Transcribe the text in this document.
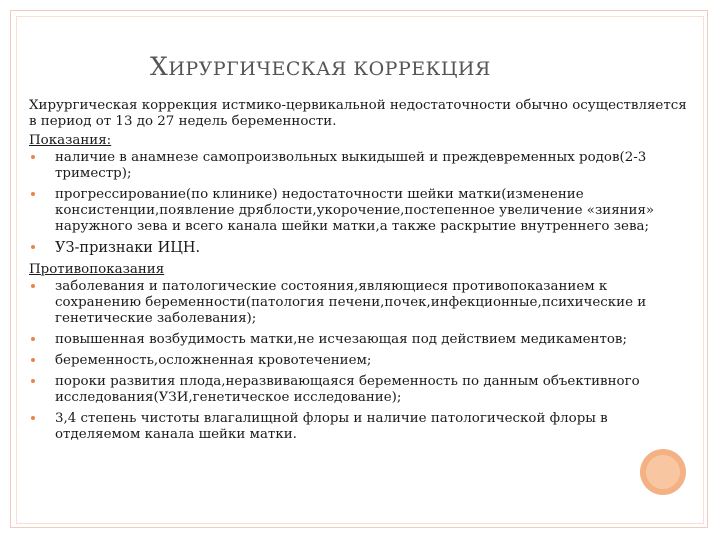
ХИРУРГИЧЕСКАЯ КОРРЕКЦИЯ

Хирургическая коррекция истмико-цервикальной недостаточности обычно осуществляется в период от 13 до 27 недель беременности.

Показания:

наличие в анамнезе самопроизвольных выкидышей и преждевременных родов(2-3 триместр);
прогрессирование(по клинике) недостаточности шейки матки(изменение консистенции,появление дряблости,укорочение,постепенное увеличение «зияния» наружного зева и всего канала шейки матки,а также раскрытие внутреннего зева;
УЗ-признаки ИЦН.

Противопоказания

заболевания и патологические состояния,являющиеся противопоказанием к сохранению беременности(патология печени,почек,инфекционные,психические и генетические заболевания);
повышенная возбудимость матки,не исчезающая под действием медикаментов;
беременность,осложненная кровотечением;
пороки развития плода,неразвивающаяся беременность по данным объективного исследования(УЗИ,генетическое исследование);
3,4 степень чистоты влагалищной флоры и наличие патологической флоры в отделяемом канала шейки матки.
